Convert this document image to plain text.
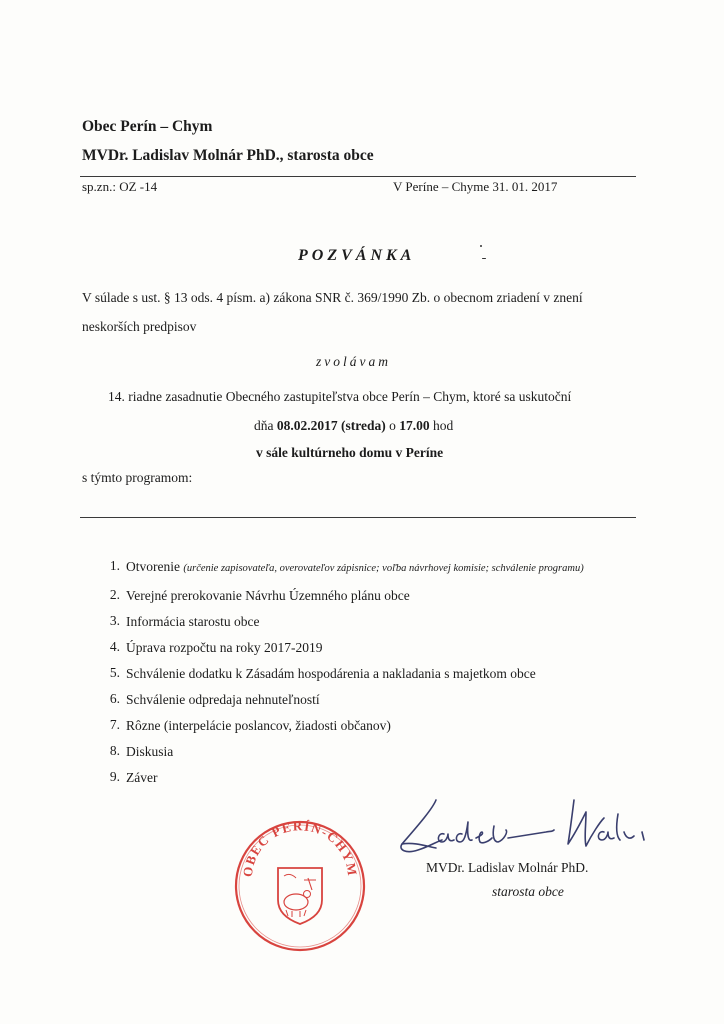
Obec Perín – Chym
MVDr. Ladislav Molnár PhD., starosta obce
sp.zn.: OZ -14	V Períne – Chyme 31. 01. 2017
POZVÁNKA
V súlade s ust. § 13 ods. 4 písm. a) zákona SNR č. 369/1990 Zb. o obecnom zriadení v znení
neskorších predpisov
zvolávam
14. riadne zasadnutie Obecného zastupiteľstva obce Perín – Chym, ktoré sa uskutoční
dňa 08.02.2017 (streda) o 17.00 hod
v sále kultúrneho domu v Períne
s týmto programom:
1. Otvorenie (určenie zapisovateľa, overovateľov zápisnice; voľba návrhovej komisie; schválenie programu)
2. Verejné prerokovanie Návrhu Územného plánu obce
3. Informácia starostu obce
4. Úprava rozpočtu na roky 2017-2019
5. Schválenie dodatku k Zásadám hospodárenia a nakladania s majetkom obce
6. Schválenie odpredaja nehnuteľností
7. Rôzne (interpelácie poslancov, žiadosti občanov)
8. Diskusia
9. Záver
OBEC PERÍN-CHYM	MVDr. Ladislav Molnár PhD.
starosta obce
